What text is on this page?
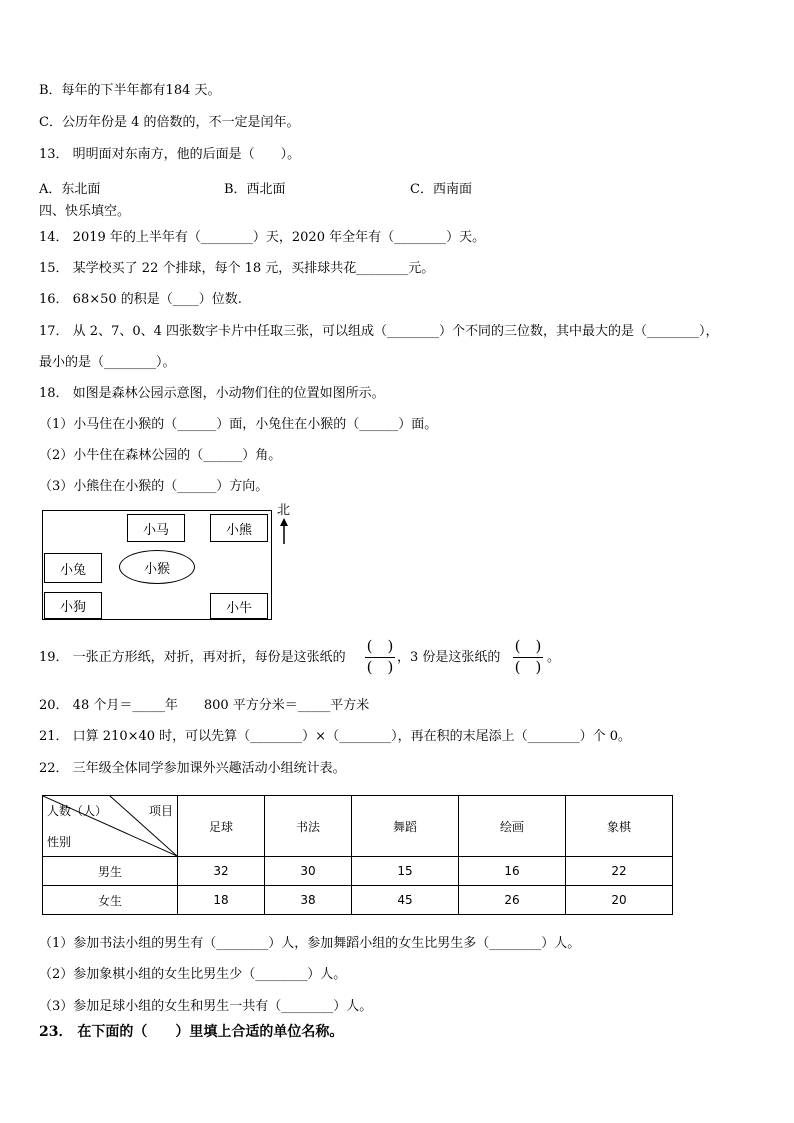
B．每年的下半年都有184 天。
C．公历年份是 4 的倍数的，不一定是闰年。
13． 明明面对东南方，他的后面是（　　）。
A．东北面	B．西北面	C．西南面
四、快乐填空。
14． 2019 年的上半年有（________）天，2020 年全年有（________）天。
15． 某学校买了 22 个排球，每个 18 元，买排球共花________元。
16． 68×50 的积是（____）位数.
17． 从 2、7、0、4 四张数字卡片中任取三张，可以组成（________）个不同的三位数，其中最大的是（________），
最小的是（________）。
18． 如图是森林公园示意图，小动物们住的位置如图所示。
（1）小马住在小猴的（______）面，小兔住在小猴的（______）面。
（2）小牛住在森林公园的（______）角。
（3）小熊住在小猴的（______）方向。
小马	小熊
小兔	小猴
小狗	小牛
北
19． 一张正方形纸，对折，再对折，每份是这张纸的
(　)
(　)
，3 份是这张纸的
(　)
(　)
。
20． 48 个月＝_____年　　800 平方分米＝_____平方米
21． 口算 210×40 时，可以先算（________）×（________），再在积的末尾添上（________）个 0。
22． 三年级全体同学参加课外兴趣活动小组统计表。
人数（人） 项目
性别	足球	书法	舞蹈	绘画	象棋
男生	32	30	15	16	22
女生	18	38	45	26	20
（1）参加书法小组的男生有（________）人，参加舞蹈小组的女生比男生多（________）人。
（2）参加象棋小组的女生比男生少（________）人。
（3）参加足球小组的女生和男生一共有（________）人。
23． 在下面的（　　）里填上合适的单位名称。
